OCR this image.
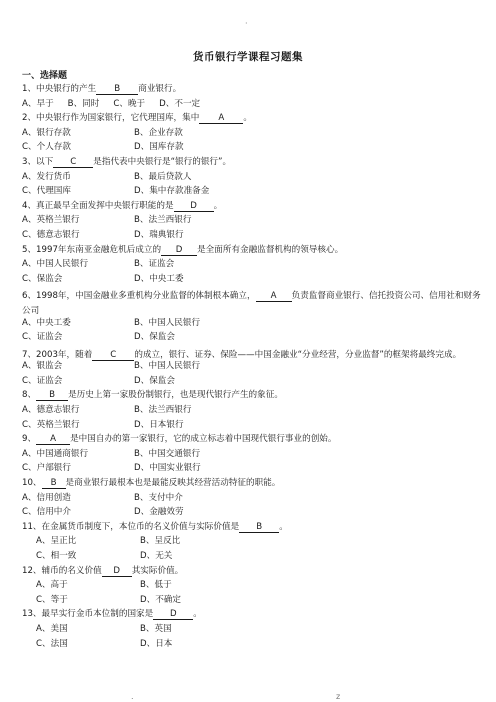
·
货币银行学课程习题集
一、选择题
1、中央银行的产生 B 商业银行。
A、早于 B、同时 C、晚于 D、不一定
2、中央银行作为国家银行，它代理国库，集中 A 。
A、银行存款	B、企业存款
C、个人存款	D、国库存款
3、以下 C 是指代表中央银行是“银行的银行”。
A、发行货币	B、最后贷款人
C、代理国库	D、集中存款准备金
4、真正最早全面发挥中央银行职能的是 D 。
A、英格兰银行	B、法兰西银行
C、德意志银行	D、瑞典银行
5、1997年东南亚金融危机后成立的 D 是全面所有金融监督机构的领导核心。
A、中国人民银行	B、证监会
C、保监会	D、中央工委
6、1998年，中国金融业多重机构分业监督的体制根本确立， A 负责监督商业银行、信托投资公司、信用社和财务公司
A、中央工委	B、中国人民银行
C、证监会	D、保监会
7、2003年，随着 C 的成立，银行、证券、保险——中国金融业“分业经营，分业监督”的框架将最终完成。
A、银监会	B、中国人民银行
C、证监会	D、保监会
8、 B 是历史上第一家股份制银行，也是现代银行产生的象征。
A、德意志银行	B、法兰西银行
C、英格兰银行	D、日本银行
9、 A 是中国自办的第一家银行，它的成立标志着中国现代银行事业的创始。
A、中国通商银行	B、中国交通银行
C、户部银行	D、中国实业银行
10、 B 是商业银行最根本也是最能反映其经营活动特征的职能。
A、信用创造	B、支付中介
C、信用中介	D、金融效劳
11、在金属货币制度下，本位币的名义价值与实际价值是 B 。
A、呈正比	B、呈反比
C、相一致	D、无关
12、辅币的名义价值 D 其实际价值。
A、高于	B、低于
C、等于	D、不确定
13、最早实行金币本位制的国家是 D 。
A、美国	B、英国
C、法国	D、日本
.	z
